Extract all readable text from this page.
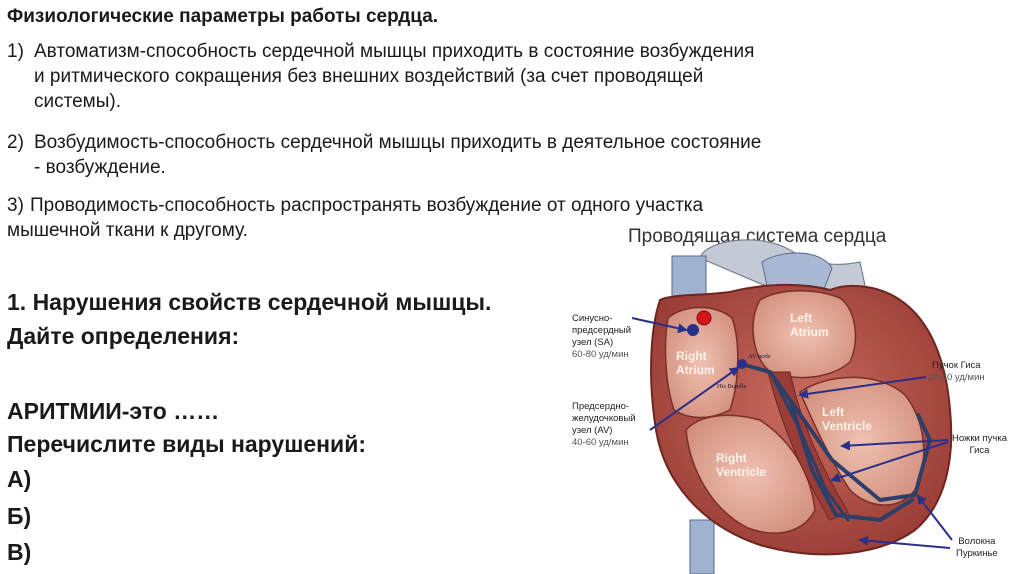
Физиологические параметры работы сердца.
1) Автоматизм-способность сердечной мышцы приходить в состояние возбуждения
и ритмического сокращения без внешних воздействий (за счет проводящей
системы).
2) Возбудимость-способность сердечной мышцы приходить в деятельное состояние
- возбуждение.
3) Проводимость-способность распространять возбуждение от одного участка
мышечной ткани к другому.
1. Нарушения свойств сердечной мышцы.
Дайте определения:
АРИТМИИ-это ……
Перечислите виды нарушений:
А)
Б)
В)
Проводящая система сердца
Left
Atrium
Right
Atrium
Left
Ventricle
Right
Ventricle
AV node
His Bundle
Синусно-
предсердный
узел (SA)
60-80 уд/мин
Предсердно-
желудочковый
узел (AV)
40-60 уд/мин
Пучок Гиса
20-40 уд/мин
Ножки пучка
Гиса
Волокна
Пуркинье
